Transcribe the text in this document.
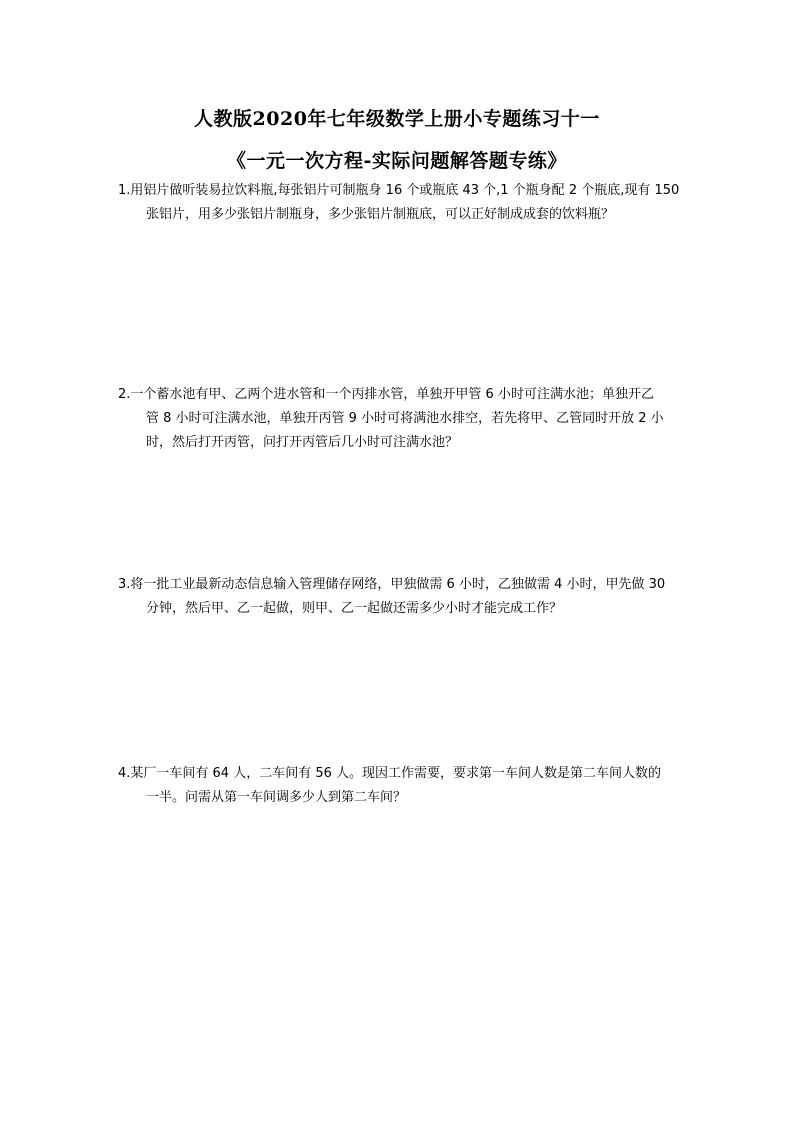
人教版2020年七年级数学上册小专题练习十一
《一元一次方程-实际问题解答题专练》
1.用铝片做听装易拉饮料瓶,每张铝片可制瓶身 16 个或瓶底 43 个,1 个瓶身配 2 个瓶底,现有 150
张铝片，用多少张铝片制瓶身，多少张铝片制瓶底，可以正好制成成套的饮料瓶？
2.一个蓄水池有甲、乙两个进水管和一个丙排水管，单独开甲管 6 小时可注满水池；单独开乙
管 8 小时可注满水池，单独开丙管 9 小时可将满池水排空，若先将甲、乙管同时开放 2 小
时，然后打开丙管，问打开丙管后几小时可注满水池？
3.将一批工业最新动态信息输入管理储存网络，甲独做需 6 小时，乙独做需 4 小时，甲先做 30
分钟，然后甲、乙一起做，则甲、乙一起做还需多少小时才能完成工作？
4.某厂一车间有 64 人，二车间有 56 人。现因工作需要，要求第一车间人数是第二车间人数的
一半。问需从第一车间调多少人到第二车间？
